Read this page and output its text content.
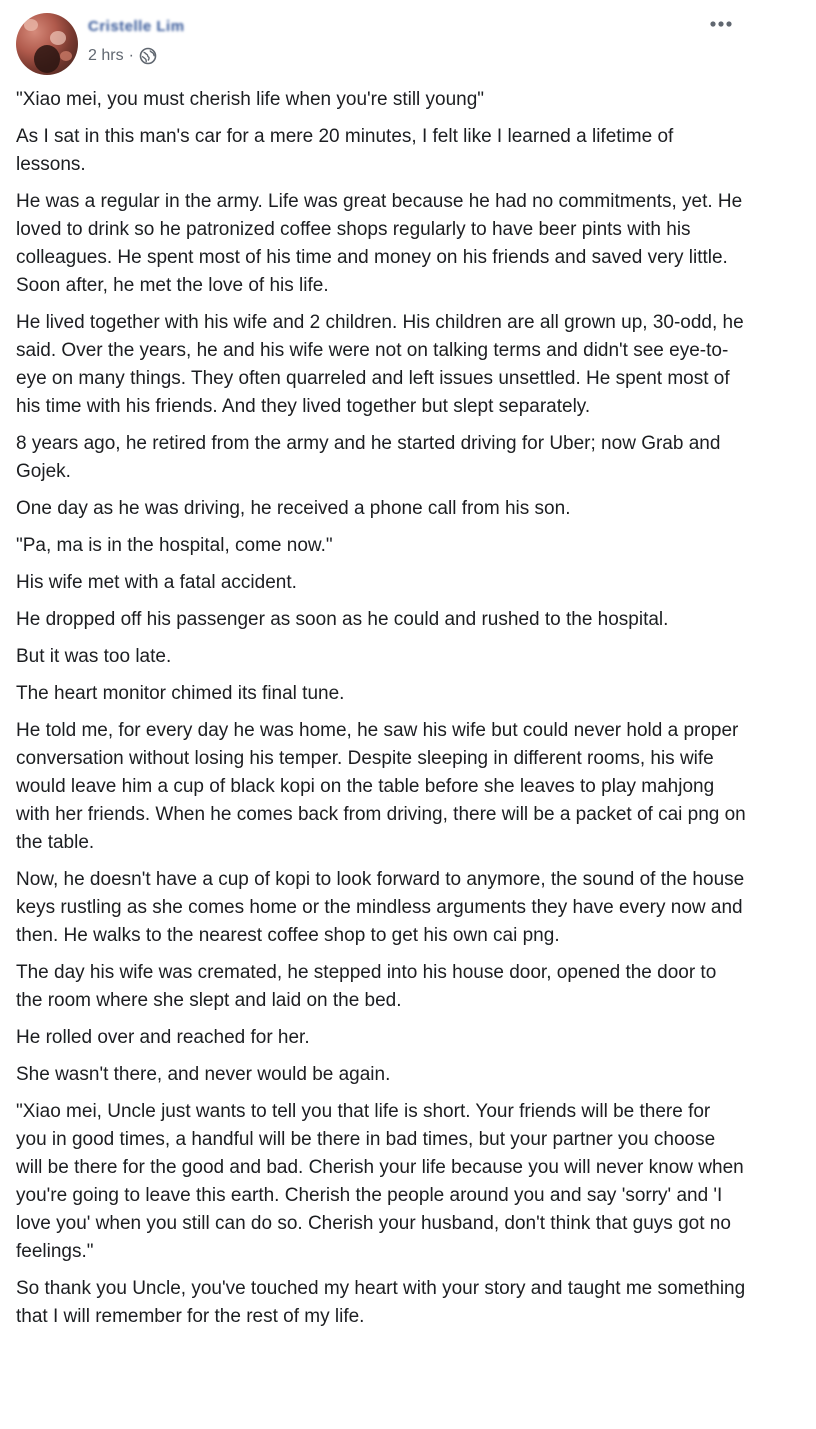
Cristelle Lim
2 hrs ·

"Xiao mei, you must cherish life when you're still young"

As I sat in this man's car for a mere 20 minutes, I felt like I learned a lifetime of lessons.

He was a regular in the army. Life was great because he had no commitments, yet. He loved to drink so he patronized coffee shops regularly to have beer pints with his colleagues. He spent most of his time and money on his friends and saved very little. Soon after, he met the love of his life.

He lived together with his wife and 2 children. His children are all grown up, 30-odd, he said. Over the years, he and his wife were not on talking terms and didn't see eye-to-eye on many things. They often quarreled and left issues unsettled. He spent most of his time with his friends. And they lived together but slept separately.

8 years ago, he retired from the army and he started driving for Uber; now Grab and Gojek.

One day as he was driving, he received a phone call from his son.

"Pa, ma is in the hospital, come now."

His wife met with a fatal accident.

He dropped off his passenger as soon as he could and rushed to the hospital.

But it was too late.

The heart monitor chimed its final tune.

He told me, for every day he was home, he saw his wife but could never hold a proper conversation without losing his temper. Despite sleeping in different rooms, his wife would leave him a cup of black kopi on the table before she leaves to play mahjong with her friends. When he comes back from driving, there will be a packet of cai png on the table.

Now, he doesn't have a cup of kopi to look forward to anymore, the sound of the house keys rustling as she comes home or the mindless arguments they have every now and then. He walks to the nearest coffee shop to get his own cai png.

The day his wife was cremated, he stepped into his house door, opened the door to the room where she slept and laid on the bed.

He rolled over and reached for her.

She wasn't there, and never would be again.

"Xiao mei, Uncle just wants to tell you that life is short. Your friends will be there for you in good times, a handful will be there in bad times, but your partner you choose will be there for the good and bad. Cherish your life because you will never know when you're going to leave this earth. Cherish the people around you and say 'sorry' and 'I love you' when you still can do so. Cherish your husband, don't think that guys got no feelings."

So thank you Uncle, you've touched my heart with your story and taught me something that I will remember for the rest of my life.
